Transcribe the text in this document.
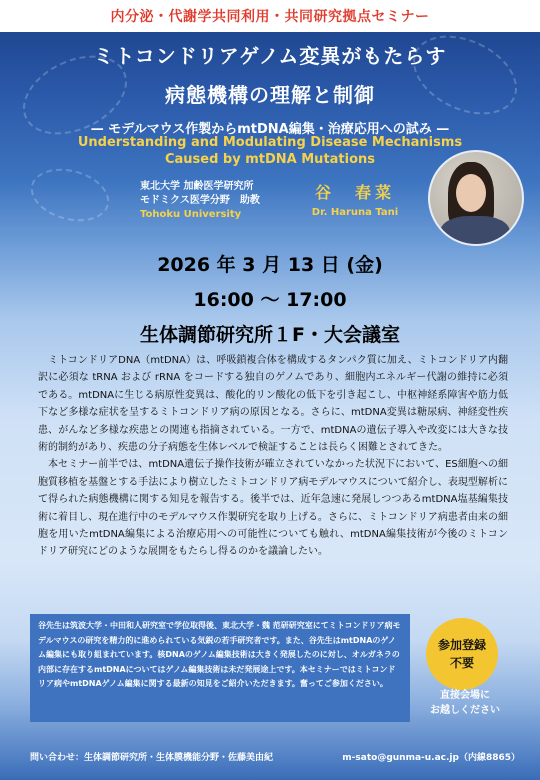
内分泌・代謝学共同利用・共同研究拠点セミナー
ミトコンドリアゲノム変異がもたらす
病態機構の理解と制御
— モデルマウス作製からmtDNA編集・治療応用への試み —
Understanding and Modulating Disease Mechanisms
Caused by mtDNA Mutations
東北大学 加齢医学研究所
モドミクス医学分野　助教
Tohoku University
谷　春菜
Dr. Haruna Tani
2026 年 3 月 13 日 (金)
16:00 ～ 17:00
生体調節研究所１F・大会議室

ミトコンドリアDNA（mtDNA）は、呼吸鎖複合体を構成するタンパク質に加え、ミトコンドリア内翻訳に必須な tRNA および rRNA をコードする独自のゲノムであり、細胞内エネルギー代謝の維持に必須である。mtDNAに生じる病原性変異は、酸化的リン酸化の低下を引き起こし、中枢神経系障害や筋力低下など多様な症状を呈するミトコンドリア病の原因となる。さらに、mtDNA変異は糖尿病、神経変性疾患、がんなど多様な疾患との関連も指摘されている。一方で、mtDNAの遺伝子導入や改変には大きな技術的制約があり、疾患の分子病態を生体レベルで検証することは長らく困難とされてきた。

本セミナー前半では、mtDNA遺伝子操作技術が確立されていなかった状況下において、ES細胞への細胞質移植を基盤とする手法により樹立したミトコンドリア病モデルマウスについて紹介し、表現型解析にて得られた病態機構に関する知見を報告する。後半では、近年急速に発展しつつあるmtDNA塩基編集技術に着目し、現在進行中のモデルマウス作製研究を取り上げる。さらに、ミトコンドリア病患者由来の細胞を用いたmtDNA編集による治療応用への可能性についても触れ、mtDNA編集技術が今後のミトコンドリア研究にどのような展開をもたらし得るのかを議論したい。

谷先生は筑波大学・中田和人研究室で学位取得後、東北大学・魏 范研研究室にてミトコンドリア病モデルマウスの研究を精力的に進められている気鋭の若手研究者です。また、谷先生はmtDNAのゲノム編集にも取り組まれています。核DNAのゲノム編集技術は大きく発展したのに対し、オルガネラの内部に存在するmtDNAについてはゲノム編集技術は未だ発展途上です。本セミナーではミトコンドリア病やmtDNAゲノム編集に関する最新の知見をご紹介いただきます。奮ってご参加ください。
参加登録
不要
直接会場に
お越しください
問い合わせ：生体調節研究所・生体膜機能分野・佐藤美由紀	m-sato@gunma-u.ac.jp（内線8865）
